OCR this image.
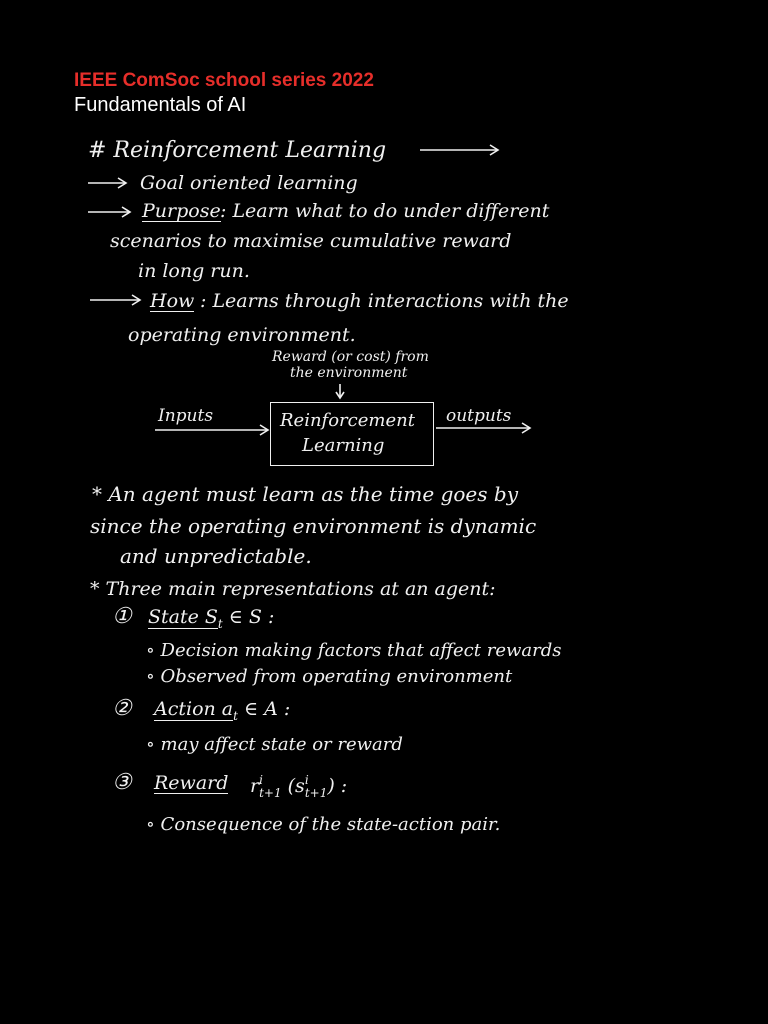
IEEE ComSoc school series 2022
Fundamentals of AI
# Reinforcement Learning
Goal oriented learning
Purpose : Learn what to do under different
scenarios to maximise cumulative reward
in long run.
How : Learns through interactions with the
operating environment.
Reward (or cost) from
the environment
Inputs	Reinforcement
Learning
outputs
* An agent must learn as the time goes by
since the operating environment is dynamic
and unpredictable.
* Three main representations at an agent:
① State $S_t$ ∈ S :
∘ Decision making factors that affect rewards
∘ Observed from operating environment
② Action $a_t$ ∈ A :
∘ may affect state or reward
③ Reward r i
t+1 (s i
t+1 ) :
∘ Consequence of the state-action pair.
